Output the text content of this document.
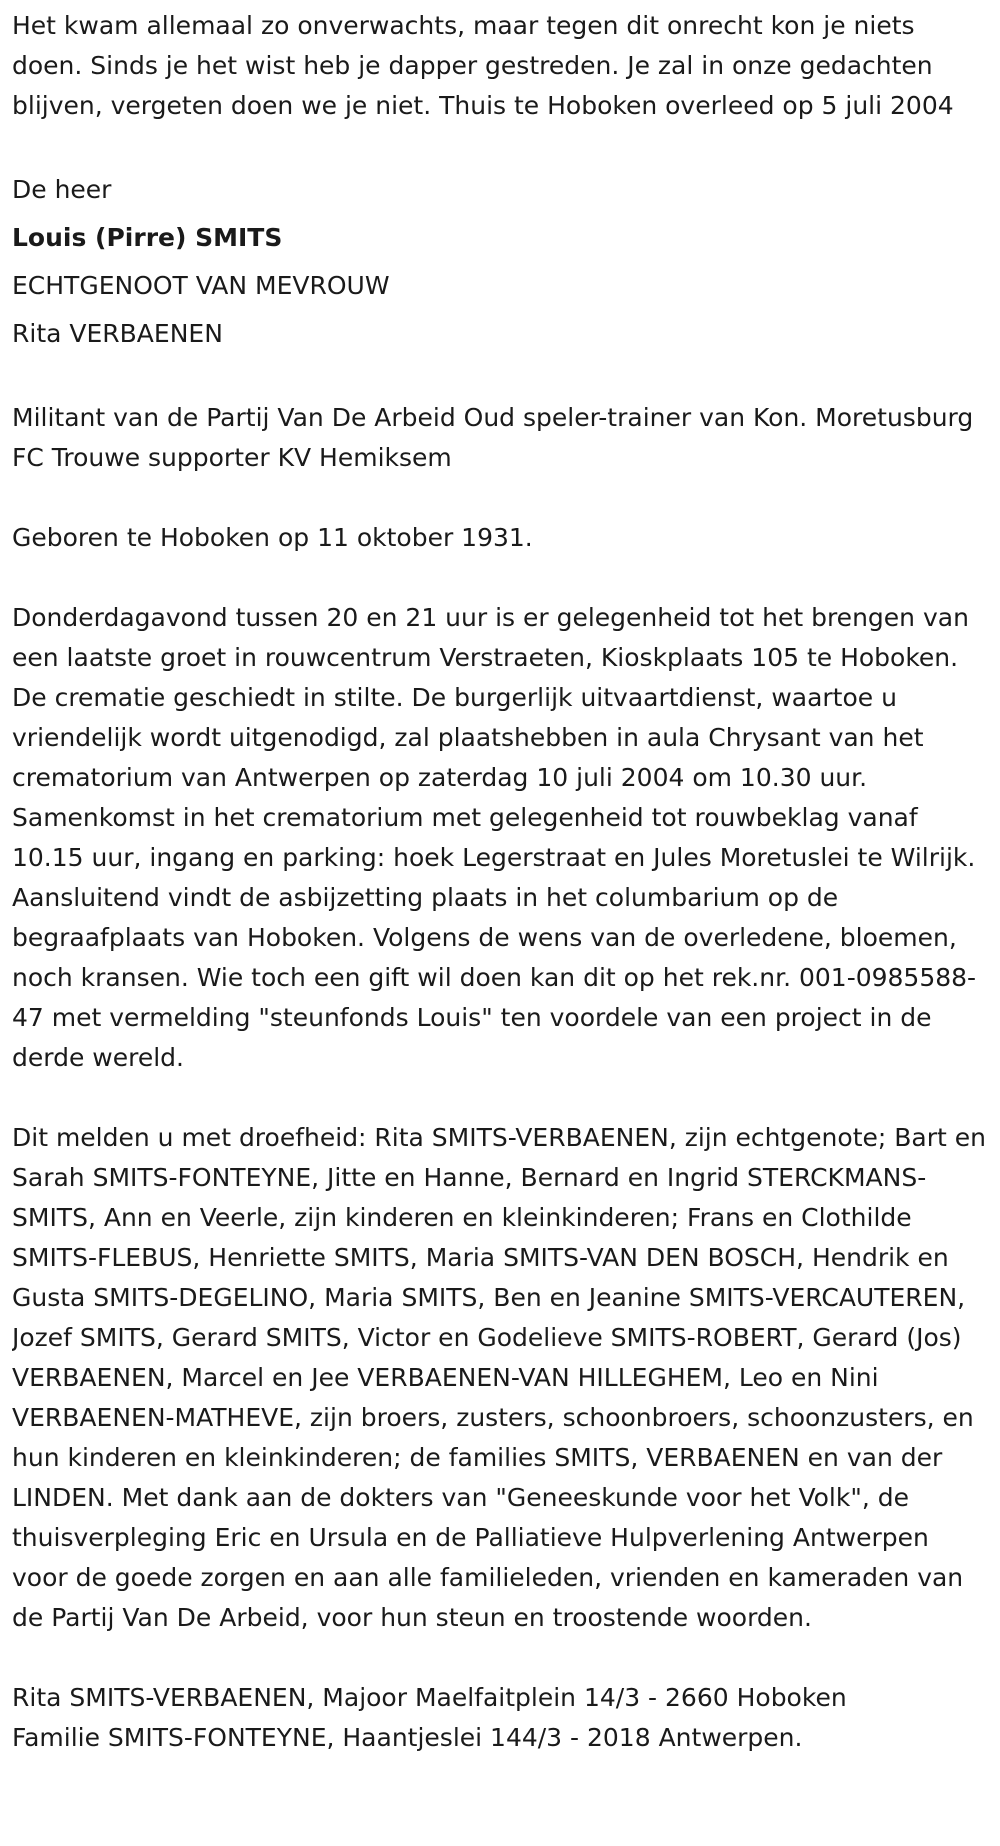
Het kwam allemaal zo onverwachts, maar tegen dit onrecht kon je niets doen. Sinds je het wist heb je dapper gestreden. Je zal in onze gedachten blijven, vergeten doen we je niet. Thuis te Hoboken overleed op 5 juli 2004

De heer
Louis (Pirre) SMITS
ECHTGENOOT VAN MEVROUW
Rita VERBAENEN

Militant van de Partij Van De Arbeid Oud speler-trainer van Kon. Moretusburg FC Trouwe supporter KV Hemiksem

Geboren te Hoboken op 11 oktober 1931.

Donderdagavond tussen 20 en 21 uur is er gelegenheid tot het brengen van een laatste groet in rouwcentrum Verstraeten, Kioskplaats 105 te Hoboken. De crematie geschiedt in stilte. De burgerlijk uitvaartdienst, waartoe u vriendelijk wordt uitgenodigd, zal plaatshebben in aula Chrysant van het crematorium van Antwerpen op zaterdag 10 juli 2004 om 10.30 uur. Samenkomst in het crematorium met gelegenheid tot rouwbeklag vanaf 10.15 uur, ingang en parking: hoek Legerstraat en Jules Moretuslei te Wilrijk. Aansluitend vindt de asbijzetting plaats in het columbarium op de begraafplaats van Hoboken. Volgens de wens van de overledene, bloemen, noch kransen. Wie toch een gift wil doen kan dit op het rek.nr. 001-0985588-47 met vermelding "steunfonds Louis" ten voordele van een project in de derde wereld.

Dit melden u met droefheid: Rita SMITS-VERBAENEN, zijn echtgenote; Bart en Sarah SMITS-FONTEYNE, Jitte en Hanne, Bernard en Ingrid STERCKMANS-SMITS, Ann en Veerle, zijn kinderen en kleinkinderen; Frans en Clothilde SMITS-FLEBUS, Henriette SMITS, Maria SMITS-VAN DEN BOSCH, Hendrik en Gusta SMITS-DEGELINO, Maria SMITS, Ben en Jeanine SMITS-VERCAUTEREN, Jozef SMITS, Gerard SMITS, Victor en Godelieve SMITS-ROBERT, Gerard (Jos) VERBAENEN, Marcel en Jee VERBAENEN-VAN HILLEGHEM, Leo en Nini VERBAENEN-MATHEVE, zijn broers, zusters, schoonbroers, schoonzusters, en hun kinderen en kleinkinderen; de families SMITS, VERBAENEN en van der LINDEN. Met dank aan de dokters van "Geneeskunde voor het Volk", de thuisverpleging Eric en Ursula en de Palliatieve Hulpverlening Antwerpen voor de goede zorgen en aan alle familieleden, vrienden en kameraden van de Partij Van De Arbeid, voor hun steun en troostende woorden.

Rita SMITS-VERBAENEN, Majoor Maelfaitplein 14/3 - 2660 Hoboken
Familie SMITS-FONTEYNE, Haantjeslei 144/3 - 2018 Antwerpen.
